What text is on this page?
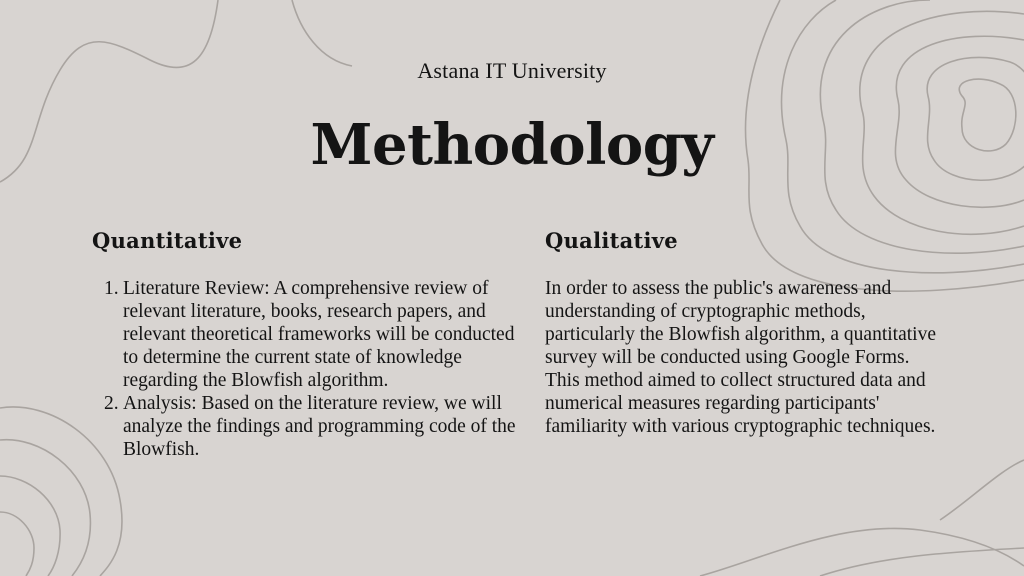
Astana IT University
Methodology
Quantitative
1. Literature Review: A comprehensive review of relevant literature, books, research papers, and relevant theoretical frameworks will be conducted to determine the current state of knowledge regarding the Blowfish algorithm.
2. Analysis: Based on the literature review, we will analyze the findings and programming code of the Blowfish.
Qualitative

In order to assess the public's awareness and understanding of cryptographic methods, particularly the Blowfish algorithm, a quantitative survey will be conducted using Google Forms. This method aimed to collect structured data and numerical measures regarding participants' familiarity with various cryptographic techniques.
